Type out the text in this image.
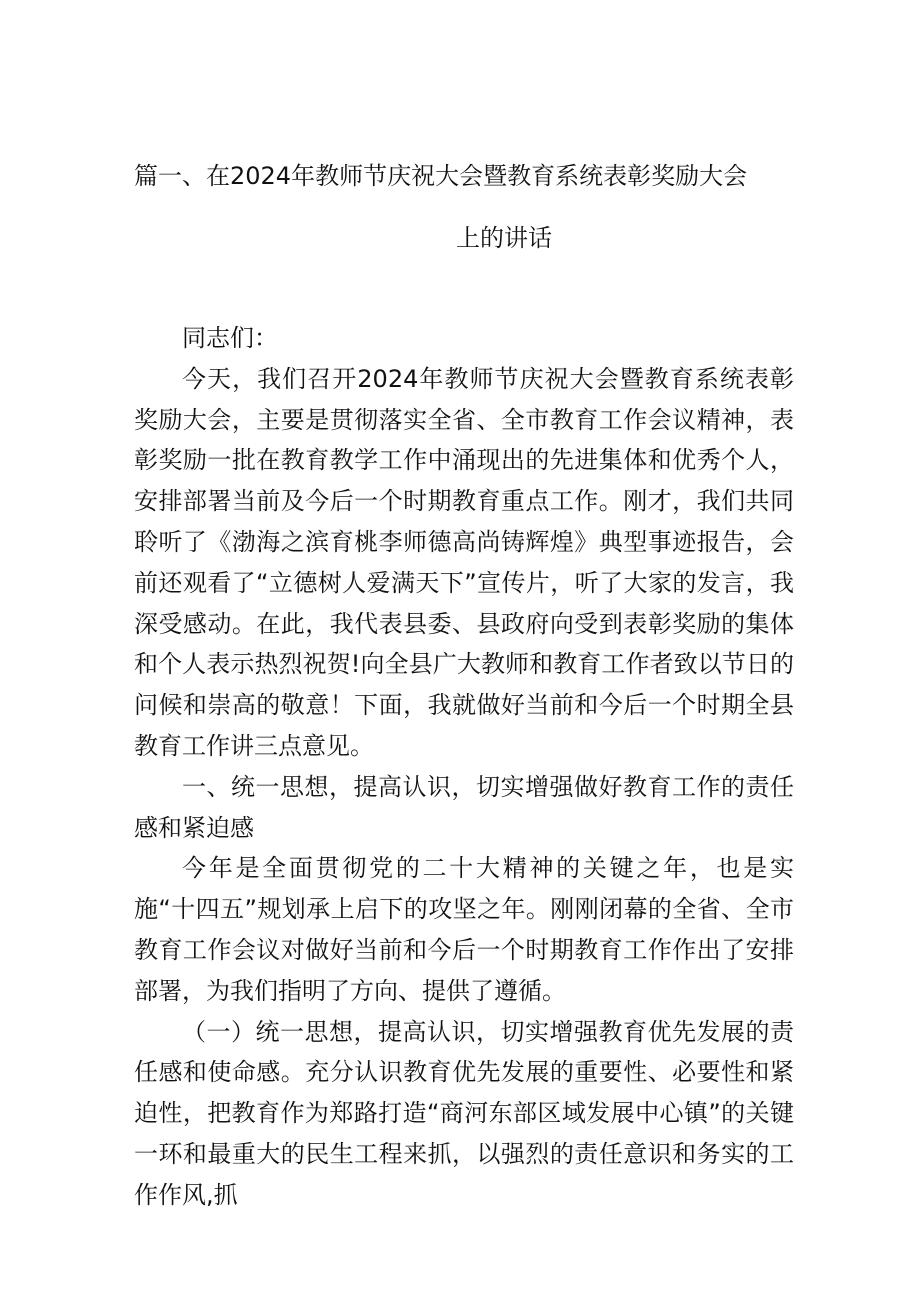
篇一、在2024年教师节庆祝大会暨教育系统表彰奖励大会
上的讲话

同志们：

今天，我们召开2024年教师节庆祝大会暨教育系统表彰奖励大会，主要是贯彻落实全省、全市教育工作会议精神，表彰奖励一批在教育教学工作中涌现出的先进集体和优秀个人，安排部署当前及今后一个时期教育重点工作。刚才，我们共同聆听了《渤海之滨育桃李师德高尚铸辉煌》典型事迹报告，会前还观看了“立德树人爱满天下”宣传片，听了大家的发言，我深受感动。在此，我代表县委、县政府向受到表彰奖励的集体和个人表示热烈祝贺!向全县广大教师和教育工作者致以节日的问候和崇高的敬意！下面，我就做好当前和今后一个时期全县教育工作讲三点意见。

一、统一思想，提高认识，切实增强做好教育工作的责任感和紧迫感

今年是全面贯彻党的二十大精神的关键之年，也是实施“十四五”规划承上启下的攻坚之年。刚刚闭幕的全省、全市教育工作会议对做好当前和今后一个时期教育工作作出了安排部署，为我们指明了方向、提供了遵循。

（一）统一思想，提高认识，切实增强教育优先发展的责任感和使命感。充分认识教育优先发展的重要性、必要性和紧迫性，把教育作为郑路打造“商河东部区域发展中心镇”的关键一环和最重大的民生工程来抓，以强烈的责任意识和务实的工作作风,抓
